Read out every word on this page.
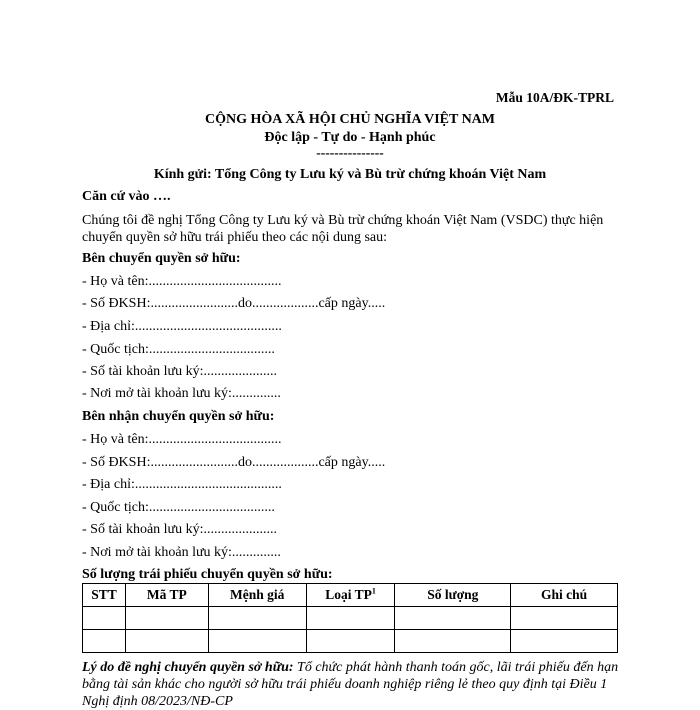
Mẫu 10A/ĐK-TPRL
CỘNG HÒA XÃ HỘI CHỦ NGHĨA VIỆT NAM
Độc lập - Tự do - Hạnh phúc
---------------
Kính gửi: Tổng Công ty Lưu ký và Bù trừ chứng khoán Việt Nam
Căn cứ vào ….
Chúng tôi đề nghị Tổng Công ty Lưu ký và Bù trừ chứng khoán Việt Nam (VSDC) thực hiện chuyển quyền sở hữu trái phiếu theo các nội dung sau:
Bên chuyển quyền sở hữu:
- Họ và tên:......................................
- Số ĐKSH:.........................do...................cấp ngày.....
- Địa chỉ:..........................................
- Quốc tịch:....................................
- Số tài khoản lưu ký:.....................
- Nơi mở tài khoản lưu ký:..............
Bên nhận chuyển quyền sở hữu:
- Họ và tên:......................................
- Số ĐKSH:.........................do...................cấp ngày.....
- Địa chỉ:..........................................
- Quốc tịch:....................................
- Số tài khoản lưu ký:.....................
- Nơi mở tài khoản lưu ký:..............
Số lượng trái phiếu chuyển quyền sở hữu:
STT	Mã TP	Mệnh giá	Loại $TP^1$	Số lượng	Ghi chú

Lý do đề nghị chuyển quyền sở hữu: Tổ chức phát hành thanh toán gốc, lãi trái phiếu đến hạn bằng tài sản khác cho người sở hữu trái phiếu doanh nghiệp riêng lẻ theo quy định tại Điều 1 Nghị định 08/2023/NĐ-CP
